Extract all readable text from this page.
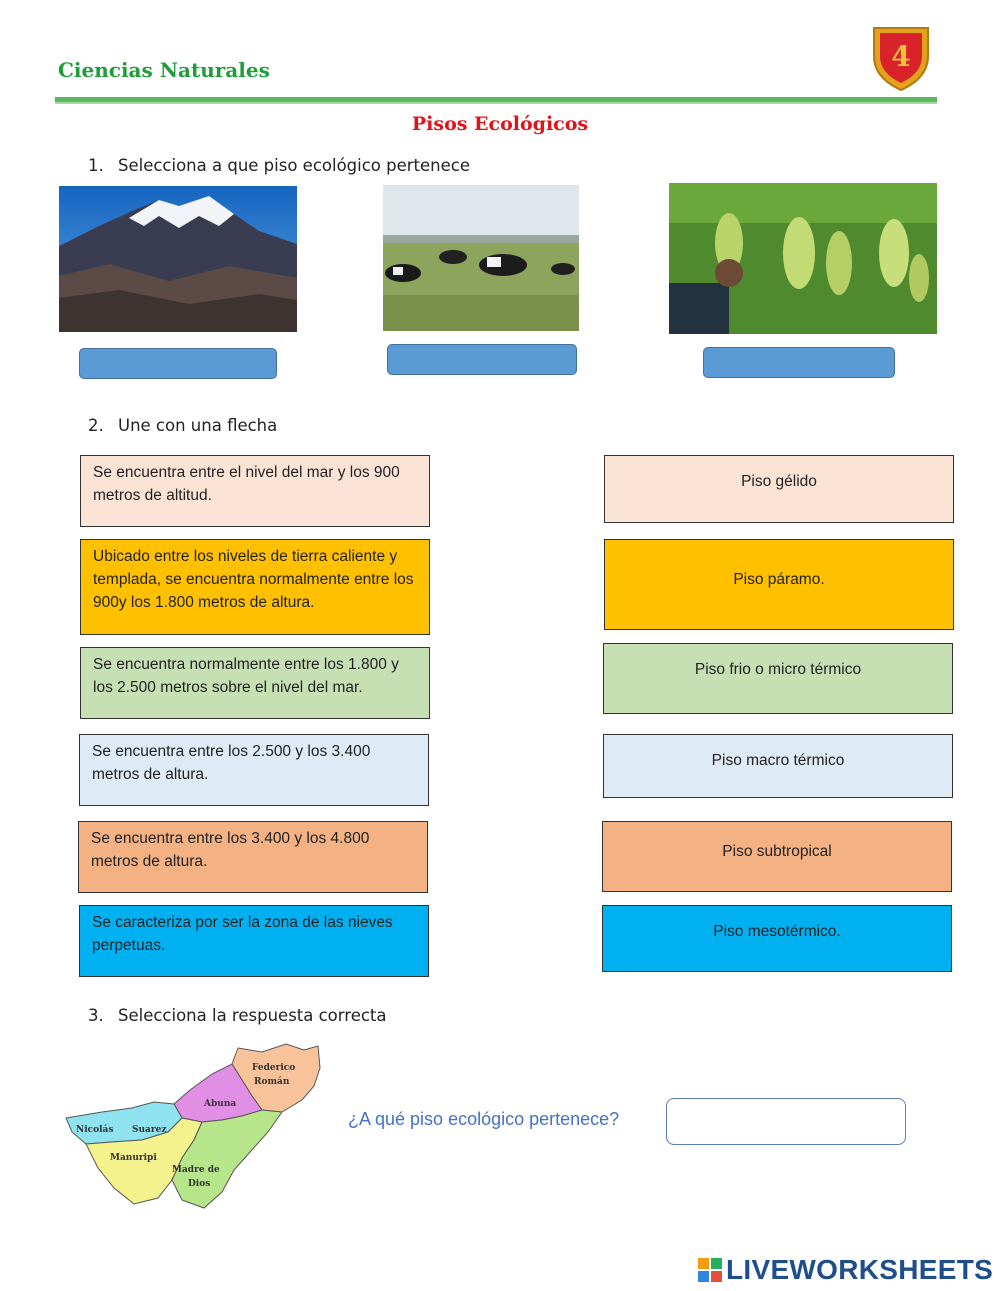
Ciencias Naturales	4
Pisos Ecológicos
1. Selecciona a que piso ecológico pertenece
2. Une con una flecha
Se encuentra entre el nivel del mar y los 900 metros de altitud.
Ubicado entre los niveles de tierra caliente y templada, se encuentra normalmente entre los 900y los 1.800 metros de altura.
Se encuentra normalmente entre los 1.800 y los 2.500 metros sobre el nivel del mar.
Se encuentra entre los 2.500 y los 3.400 metros de altura.
Se encuentra entre los 3.400 y los 4.800 metros de altura.
Se caracteriza por ser la zona de las nieves perpetuas.
Piso gélido
Piso páramo.
Piso frio o micro térmico
Piso macro térmico
Piso subtropical
Piso mesotérmico.
3. Selecciona la respuesta correcta
Federico
Román
Abuna
Nicolás Suarez
Manuripi
Madre de
Dios
¿A qué piso ecológico pertenece?
LIVEWORKSHEETS
